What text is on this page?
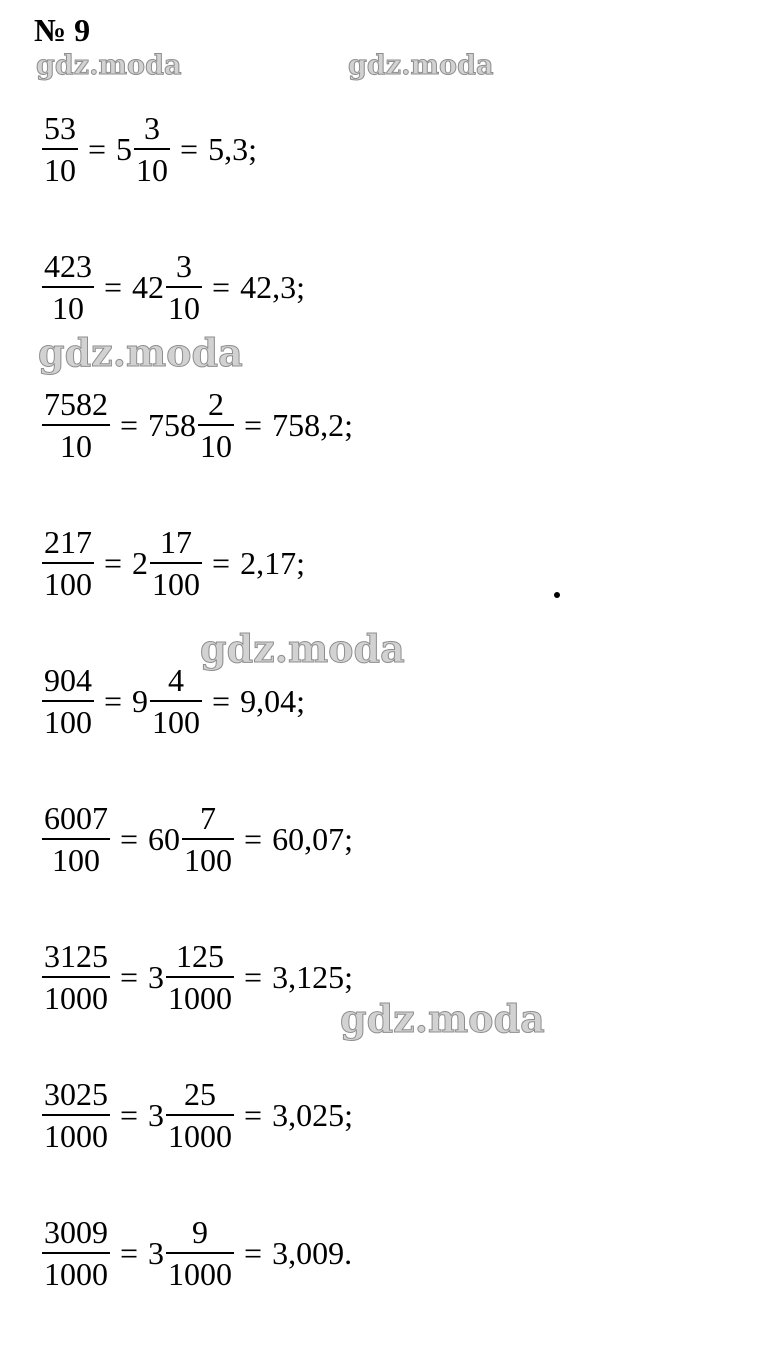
№ 9
gdz.moda	gdz.moda
gdz.moda
$\frac{53}{10} = 5 \frac{3}{10} = 5,3$;
$\frac{423}{10} = 42 \frac{3}{10} = 42,3$;
$\frac{7582}{10} = 758 \frac{2}{10} = 758,2$;
$\frac{217}{100} = 2 \frac{17}{100} = 2,17$;
$\frac{904}{100} = 9 \frac{4}{100} = 9,04$;
gdz.moda
$\frac{6007}{100} = 60 \frac{7}{100} = 60,07$;
$\frac{3125}{1000} = 3 \frac{125}{1000} = 3,125$;
gdz.moda
$\frac{3025}{1000} = 3 \frac{25}{1000} = 3,025$;
$\frac{3009}{1000} = 3 \frac{9}{1000} = 3,009$.
